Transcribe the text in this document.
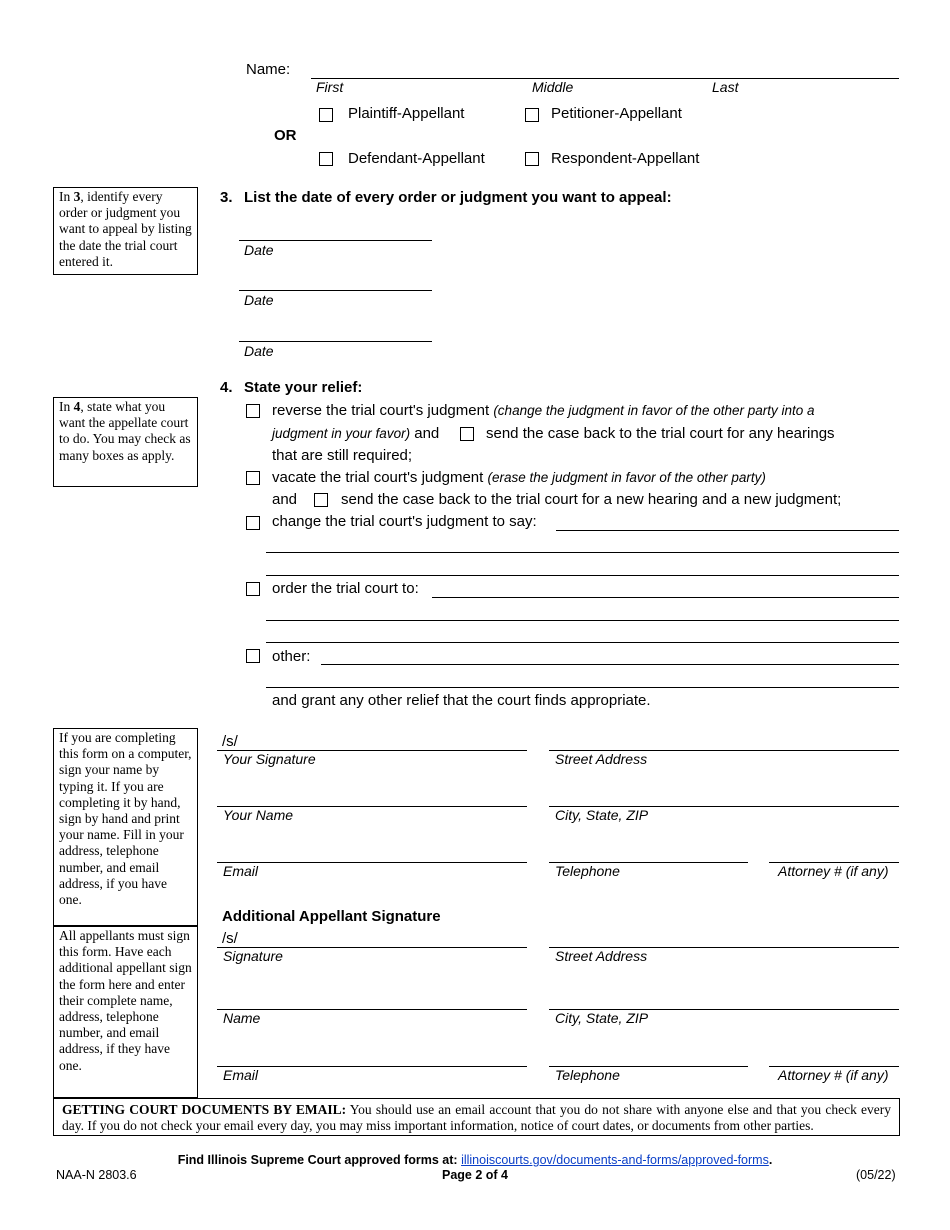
Name:
First	Middle	Last
Plaintiff-Appellant	Petitioner-Appellant
OR
Defendant-Appellant	Respondent-Appellant
In 3, identify every order or judgment you want to appeal by listing the date the trial court entered it.
3. List the date of every order or judgment you want to appeal:
Date
Date
Date
In 4, state what you want the appellate court to do. You may check as many boxes as apply.
4. State your relief:
reverse the trial court's judgment (change the judgment in favor of the other party into a
judgment in your favor) and	send the case back to the trial court for any hearings
that are still required;
vacate the trial court's judgment (erase the judgment in favor of the other party)
and	send the case back to the trial court for a new hearing and a new judgment;
change the trial court's judgment to say:
order the trial court to:
other:
and grant any other relief that the court finds appropriate.
If you are completing this form on a computer, sign your name by typing it. If you are completing it by hand, sign by hand and print your name. Fill in your address, telephone number, and email address, if you have one.
All appellants must sign this form. Have each additional appellant sign the form here and enter their complete name, address, telephone number, and email address, if they have one.
/s/
Your Signature	Street Address
Your Name	City, State, ZIP
Email	Telephone	Attorney # (if any)
Additional Appellant Signature
/s/
Signature	Street Address
Name	City, State, ZIP
Email	Telephone	Attorney # (if any)
GETTING COURT DOCUMENTS BY EMAIL: You should use an email account that you do not share with anyone else and that you check every day. If you do not check your email every day, you may miss important information, notice of court dates, or documents from other parties.
Find Illinois Supreme Court approved forms at: illinoiscourts.gov/documents-and-forms/approved-forms.
NAA-N 2803.6	Page 2 of 4	(05/22)
